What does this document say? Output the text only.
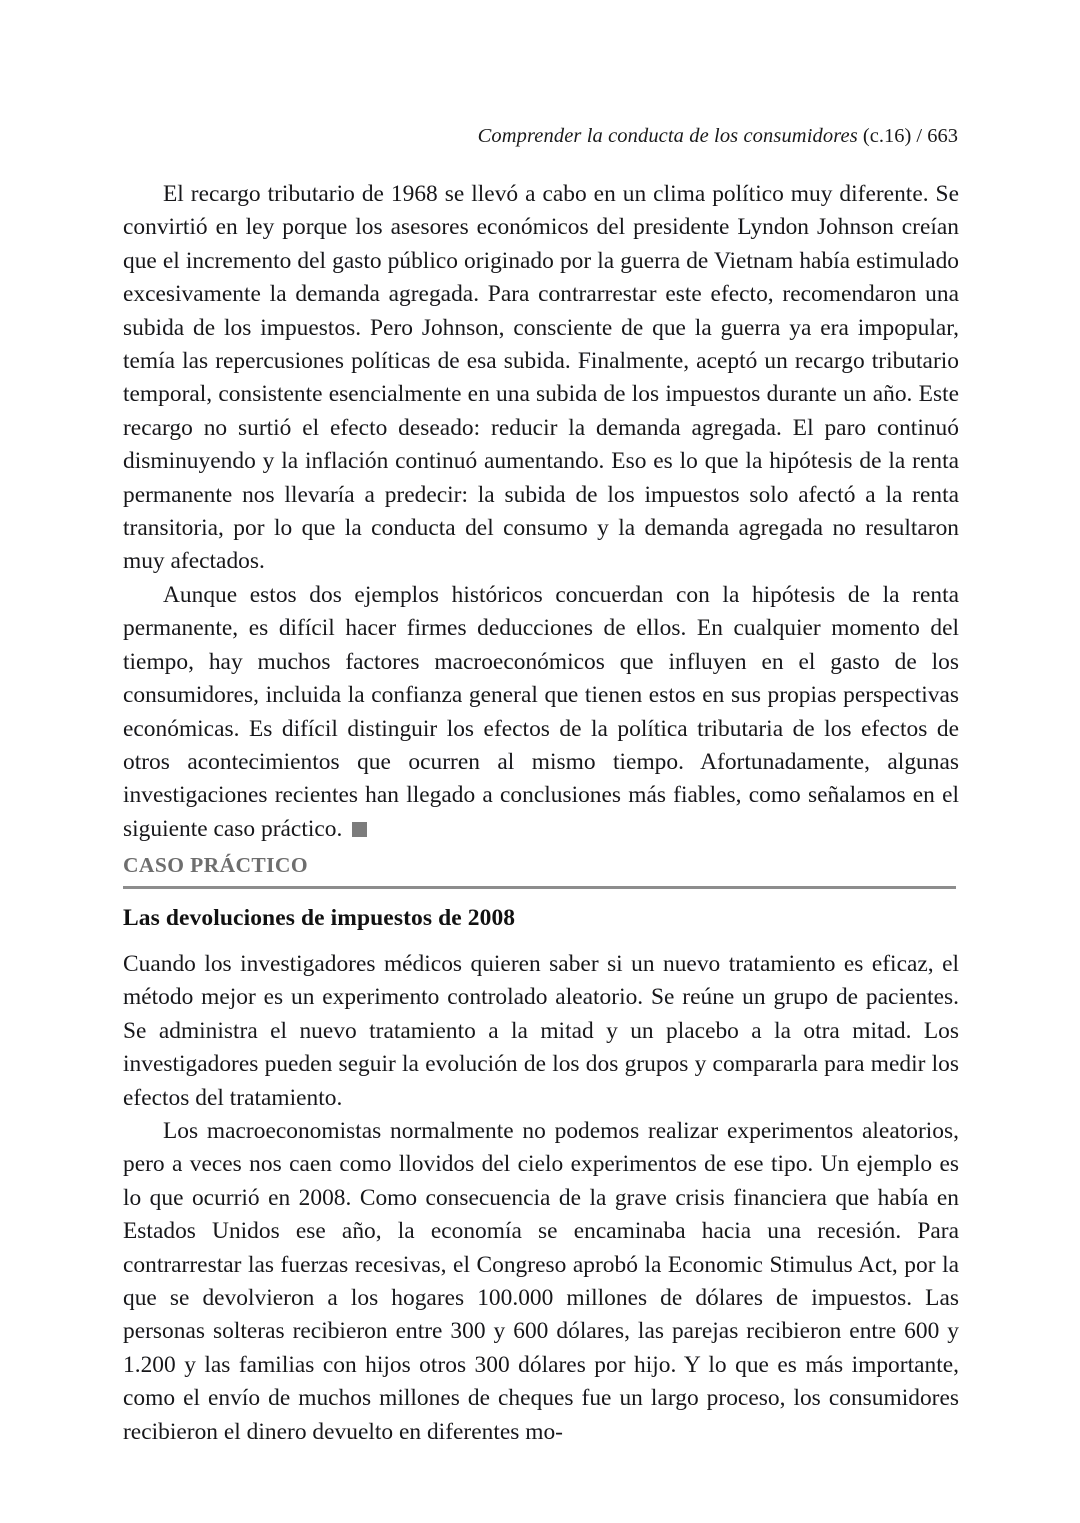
Comprender la conducta de los consumidores (c.16) / 663

El recargo tributario de 1968 se llevó a cabo en un clima político muy diferente. Se convirtió en ley porque los asesores económicos del presidente Lyndon Johnson creían que el incremento del gasto público originado por la guerra de Vietnam había estimulado excesivamente la demanda agregada. Para contrarrestar este efecto, recomendaron una subida de los impuestos. Pero Johnson, consciente de que la guerra ya era impopular, temía las repercusiones políticas de esa subida. Finalmente, aceptó un recargo tributario temporal, consistente esencialmente en una subida de los impuestos durante un año. Este recargo no surtió el efecto deseado: reducir la demanda agregada. El paro continuó disminuyendo y la inflación continuó aumentando. Eso es lo que la hipótesis de la renta permanente nos llevaría a predecir: la subida de los impuestos solo afectó a la renta transitoria, por lo que la conducta del consumo y la demanda agregada no resultaron muy afectados.

Aunque estos dos ejemplos históricos concuerdan con la hipótesis de la renta permanente, es difícil hacer firmes deducciones de ellos. En cualquier momento del tiempo, hay muchos factores macroeconómicos que influyen en el gasto de los consumidores, incluida la confianza general que tienen estos en sus propias perspectivas económicas. Es difícil distinguir los efectos de la política tributaria de los efectos de otros acontecimientos que ocurren al mismo tiempo. Afortunadamente, algunas investigaciones recientes han llegado a conclusiones más fiables, como señalamos en el siguiente caso práctico.

CASO PRÁCTICO
Las devoluciones de impuestos de 2008

Cuando los investigadores médicos quieren saber si un nuevo tratamiento es eficaz, el método mejor es un experimento controlado aleatorio. Se reúne un grupo de pacientes. Se administra el nuevo tratamiento a la mitad y un placebo a la otra mitad. Los investigadores pueden seguir la evolución de los dos grupos y compararla para medir los efectos del tratamiento.

Los macroeconomistas normalmente no podemos realizar experimentos aleatorios, pero a veces nos caen como llovidos del cielo experimentos de ese tipo. Un ejemplo es lo que ocurrió en 2008. Como consecuencia de la grave crisis financiera que había en Estados Unidos ese año, la economía se encaminaba hacia una recesión. Para contrarrestar las fuerzas recesivas, el Congreso aprobó la Economic Stimulus Act, por la que se devolvieron a los hogares 100.000 millones de dólares de impuestos. Las personas solteras recibieron entre 300 y 600 dólares, las parejas recibieron entre 600 y 1.200 y las familias con hijos otros 300 dólares por hijo. Y lo que es más importante, como el envío de muchos millones de cheques fue un largo proceso, los consumidores recibieron el dinero devuelto en diferentes mo-
